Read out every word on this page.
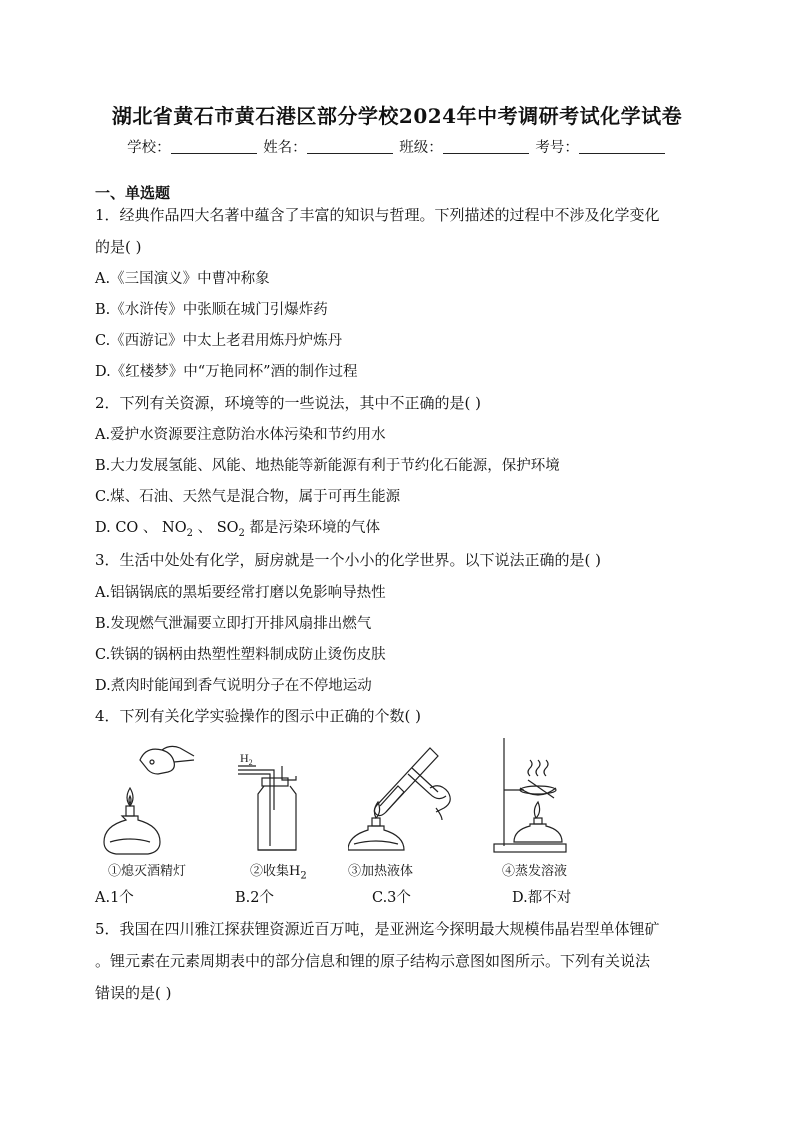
湖北省黄石市黄石港区部分学校2024年中考调研考试化学试卷
学校：	姓名：	班级：	考号：
一、单选题
1．经典作品四大名著中蕴含了丰富的知识与哲理。下列描述的过程中不涉及化学变化
的是( )
A.《三国演义》中曹冲称象
B.《水浒传》中张顺在城门引爆炸药
C.《西游记》中太上老君用炼丹炉炼丹
D.《红楼梦》中“万艳同杯”酒的制作过程
2．下列有关资源，环境等的一些说法，其中不正确的是( )
A.爱护水资源要注意防治水体污染和节约用水
B.大力发展氢能、风能、地热能等新能源有利于节约化石能源，保护环境
C.煤、石油、天然气是混合物，属于可再生能源
D. CO 、 $NO_2$ 、 $SO_2$ 都是污染环境的气体
3．生活中处处有化学，厨房就是一个小小的化学世界。以下说法正确的是( )
A.铝锅锅底的黑垢要经常打磨以免影响导热性
B.发现燃气泄漏要立即打开排风扇排出燃气
C.铁锅的锅柄由热塑性塑料制成防止烫伤皮肤
D.煮肉时能闻到香气说明分子在不停地运动
4．下列有关化学实验操作的图示中正确的个数( )
$H_2$
①熄灭酒精灯	②收集$H_2$	③加热液体	④蒸发溶液
A.1个	B.2个	C.3个	D.都不对
5．我国在四川雅江探获锂资源近百万吨，是亚洲迄今探明最大规模伟晶岩型单体锂矿
。锂元素在元素周期表中的部分信息和锂的原子结构示意图如图所示。下列有关说法
错误的是( )
